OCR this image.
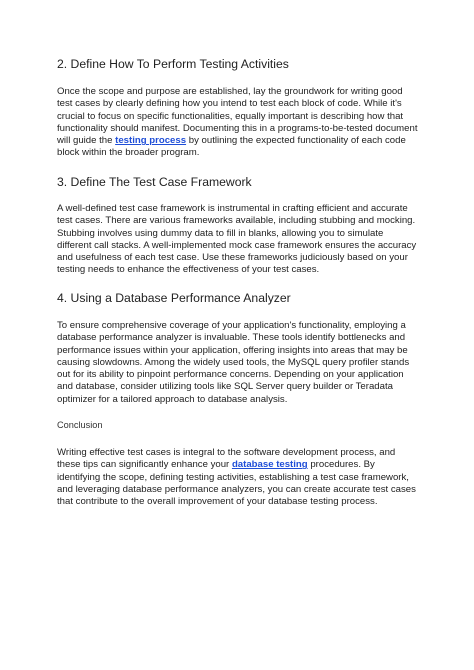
2. Define How To Perform Testing Activities
Once the scope and purpose are established, lay the groundwork for writing good test cases by clearly defining how you intend to test each block of code. While it's crucial to focus on specific functionalities, equally important is describing how that functionality should manifest. Documenting this in a programs-to-be-tested document will guide the testing process by outlining the expected functionality of each code block within the broader program.
3. Define The Test Case Framework
A well-defined test case framework is instrumental in crafting efficient and accurate test cases. There are various frameworks available, including stubbing and mocking. Stubbing involves using dummy data to fill in blanks, allowing you to simulate different call stacks. A well-implemented mock case framework ensures the accuracy and usefulness of each test case. Use these frameworks judiciously based on your testing needs to enhance the effectiveness of your test cases.
4. Using a Database Performance Analyzer
To ensure comprehensive coverage of your application's functionality, employing a database performance analyzer is invaluable. These tools identify bottlenecks and performance issues within your application, offering insights into areas that may be causing slowdowns. Among the widely used tools, the MySQL query profiler stands out for its ability to pinpoint performance concerns. Depending on your application and database, consider utilizing tools like SQL Server query builder or Teradata optimizer for a tailored approach to database analysis.
Conclusion
Writing effective test cases is integral to the software development process, and these tips can significantly enhance your database testing procedures. By identifying the scope, defining testing activities, establishing a test case framework, and leveraging database performance analyzers, you can create accurate test cases that contribute to the overall improvement of your database testing process.
